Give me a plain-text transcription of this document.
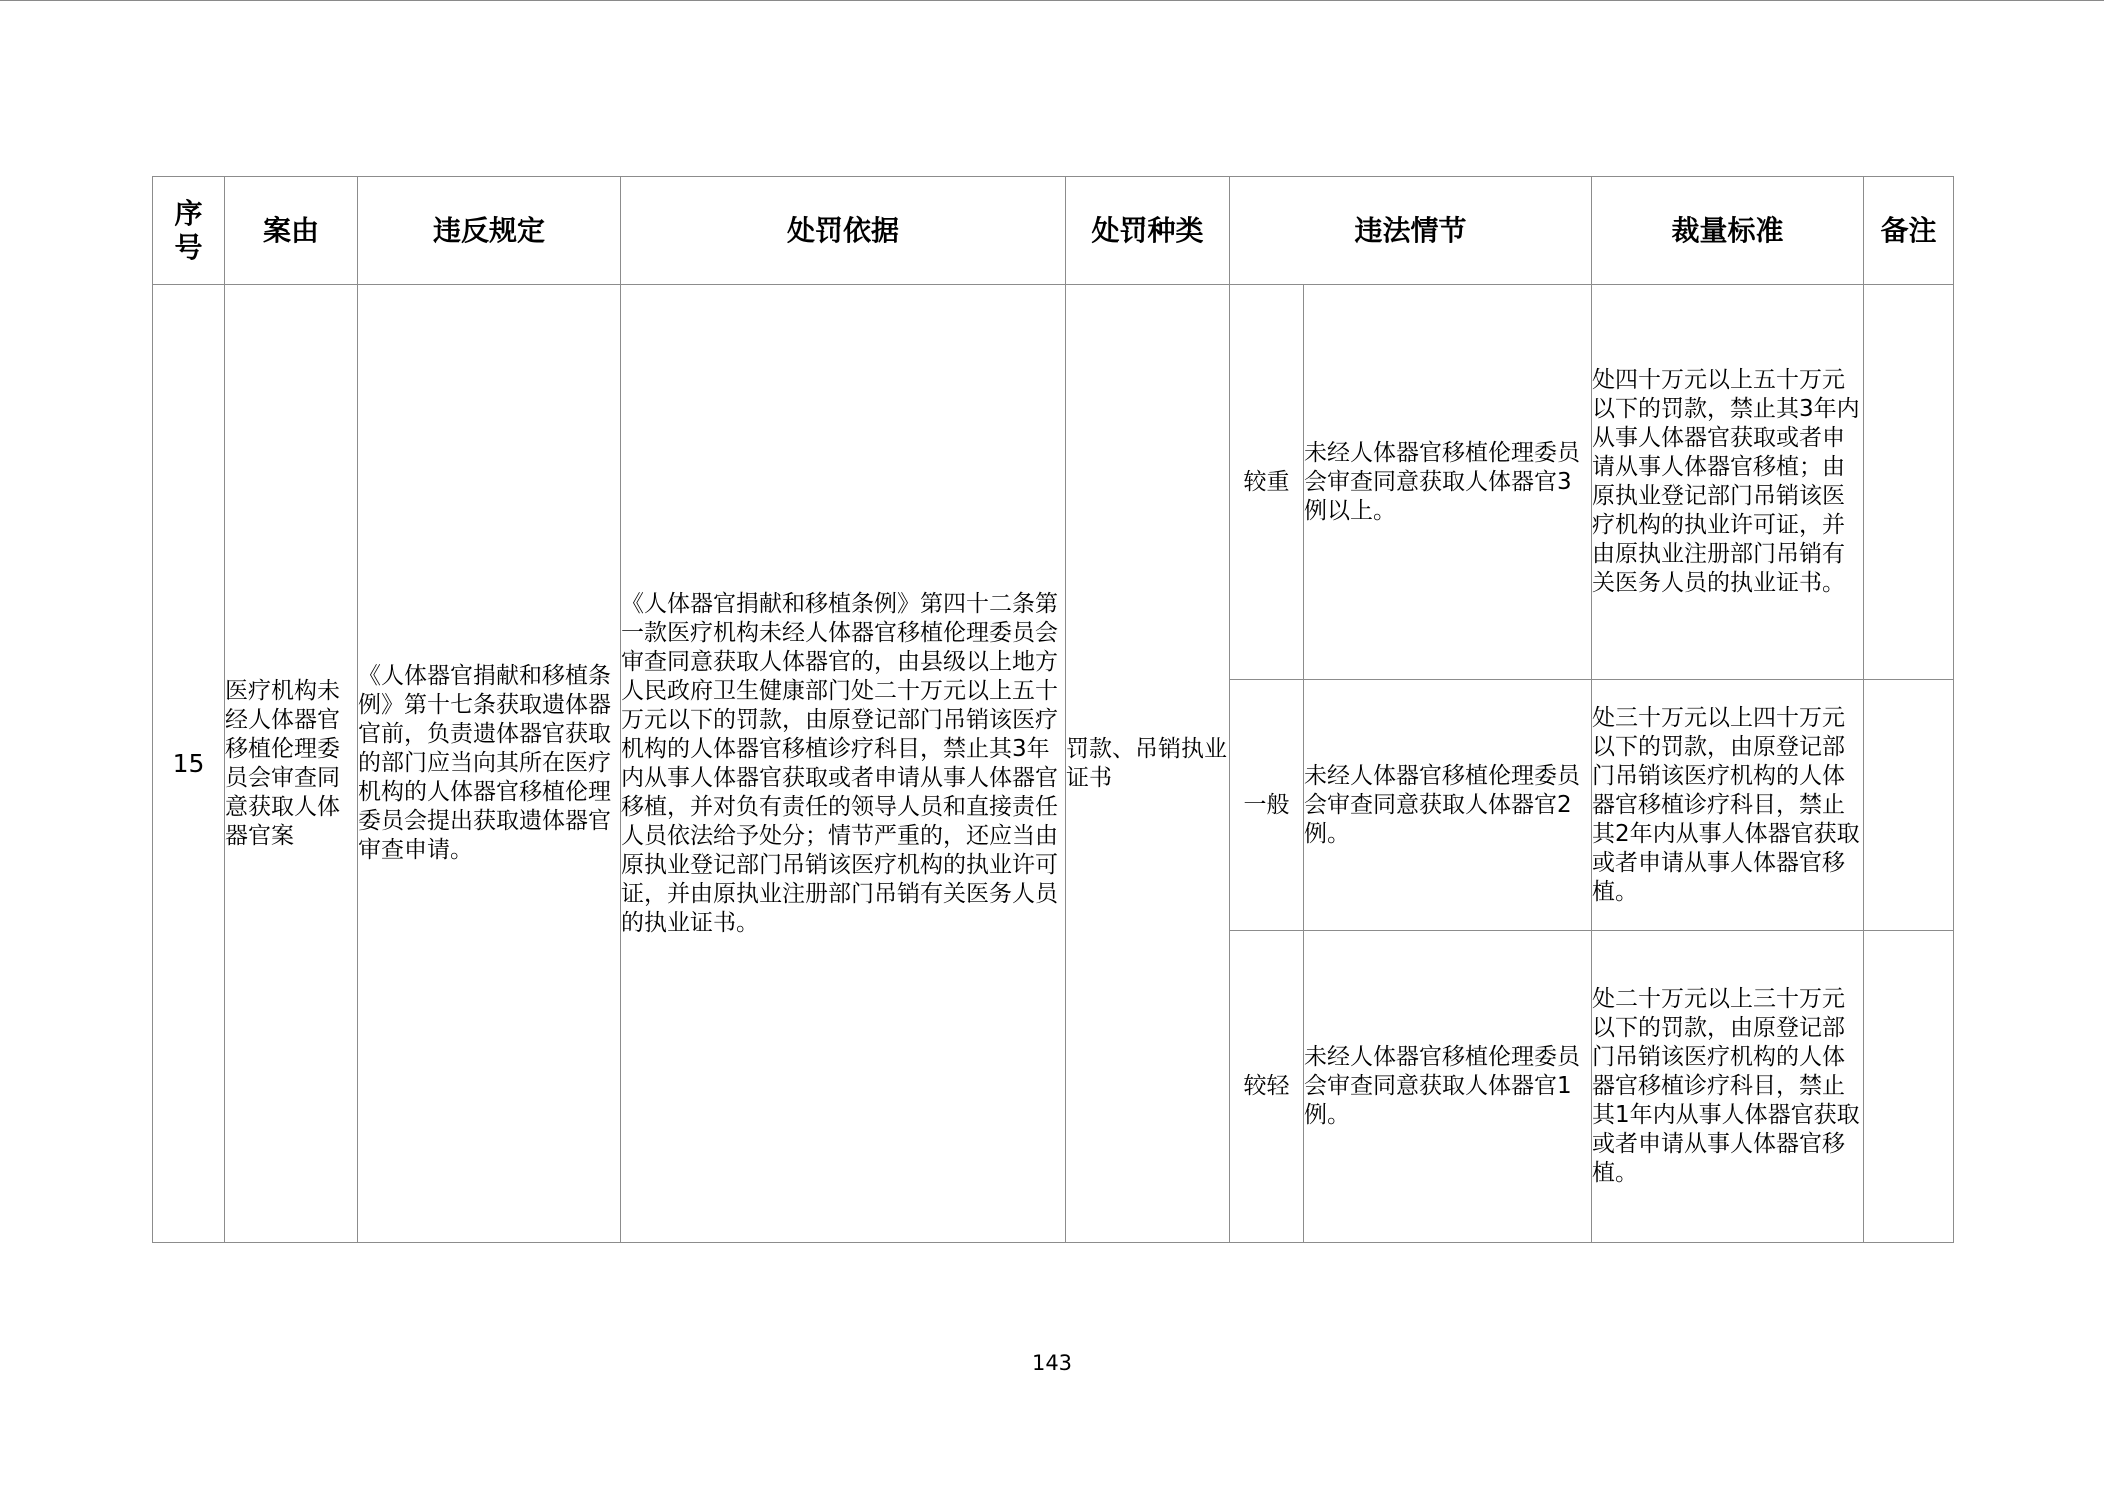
序号	案由	违反规定	处罚依据	处罚种类	违法情节		裁量标准	备注
15	医疗机构未经人体器官移植伦理委员会审查同意获取人体器官案	《人体器官捐献和移植条例》第十七条获取遗体器官前，负责遗体器官获取的部门应当向其所在医疗机构的人体器官移植伦理委员会提出获取遗体器官审查申请。	《人体器官捐献和移植条例》第四十二条第一款医疗机构未经人体器官移植伦理委员会审查同意获取人体器官的，由县级以上地方人民政府卫生健康部门处二十万元以上五十万元以下的罚款，由原登记部门吊销该医疗机构的人体器官移植诊疗科目，禁止其3年内从事人体器官获取或者申请从事人体器官移植，并对负有责任的领导人员和直接责任人员依法给予处分；情节严重的，还应当由原执业登记部门吊销该医疗机构的执业许可证，并由原执业注册部门吊销有关医务人员的执业证书。	罚款、吊销执业证书	较重	未经人体器官移植伦理委员会审查同意获取人体器官3例以上。	处四十万元以上五十万元以下的罚款，禁止其3年内从事人体器官获取或者申请从事人体器官移植；由原执业登记部门吊销该医疗机构的执业许可证，并由原执业注册部门吊销有关医务人员的执业证书。	
					一般	未经人体器官移植伦理委员会审查同意获取人体器官2例。	处三十万元以上四十万元以下的罚款，由原登记部门吊销该医疗机构的人体器官移植诊疗科目，禁止其2年内从事人体器官获取或者申请从事人体器官移植。	
					较轻	未经人体器官移植伦理委员会审查同意获取人体器官1例。	处二十万元以上三十万元以下的罚款，由原登记部门吊销该医疗机构的人体器官移植诊疗科目，禁止其1年内从事人体器官获取或者申请从事人体器官移植。	
143
